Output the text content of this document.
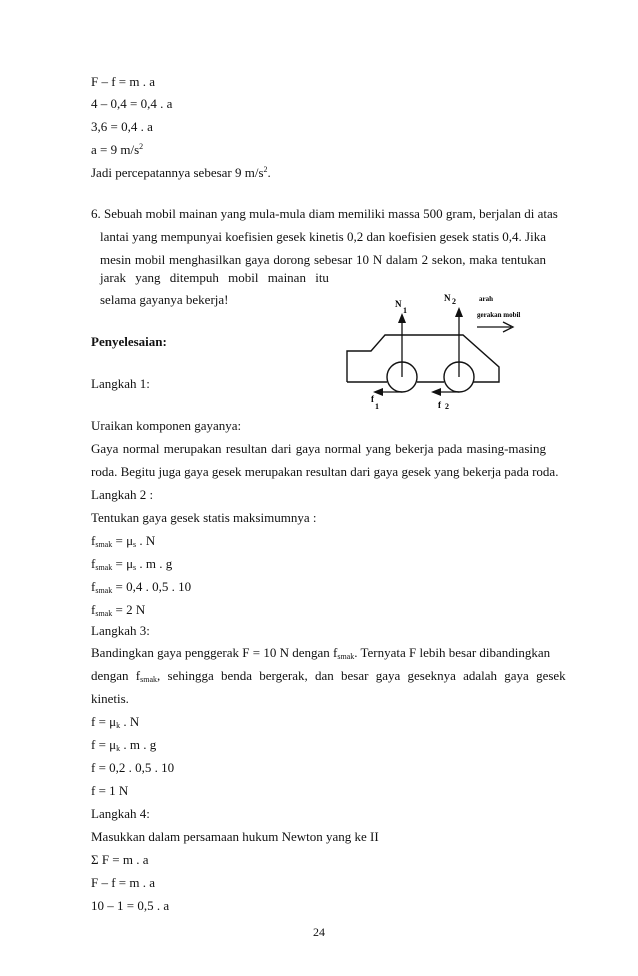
F – f = m . a
4 – 0,4 = 0,4 . a
3,6 = 0,4 . a
a = 9 $m/s^2$
Jadi percepatannya sebesar 9 $m/s^2$.
6. Sebuah mobil mainan yang mula-mula diam memiliki massa 500 gram, berjalan di atas
lantai yang mempunyai koefisien gesek kinetis 0,2 dan koefisien gesek statis 0,4. Jika
mesin mobil menghasilkan gaya dorong sebesar 10 N dalam 2 sekon, maka tentukan
jarak yang ditempuh mobil mainan itu
selama gayanya bekerja!	N
1
N 2	arah
gerakan mobil
f
1	f 2
Penyelesaian:
Langkah 1:
Uraikan komponen gayanya:
Gaya normal merupakan resultan dari gaya normal yang bekerja pada masing-masing
roda. Begitu juga gaya gesek merupakan resultan dari gaya gesek yang bekerja pada roda.
Langkah 2 :
Tentukan gaya gesek statis maksimumnya :
$f_{smak} = \mu_s$ . N
$f_{smak} = \mu_s$ . m . g
$f_{smak} = 0,4$ . 0,5 . 10
$f_{smak} = 2$ N
Langkah 3:
Bandingkan gaya penggerak F = 10 N dengan $f_{smak}$. Ternyata F lebih besar dibandingkan
dengan $f_{smak}$, sehingga benda bergerak, dan besar gaya geseknya adalah gaya gesek
kinetis.
$f = \mu_k$ . N
$f = \mu_k$ . m . g
f = 0,2 . 0,5 . 10
f = 1 N
Langkah 4:
Masukkan dalam persamaan hukum Newton yang ke II
Σ F = m . a
F – f = m . a
10 – 1 = 0,5 . a
24
